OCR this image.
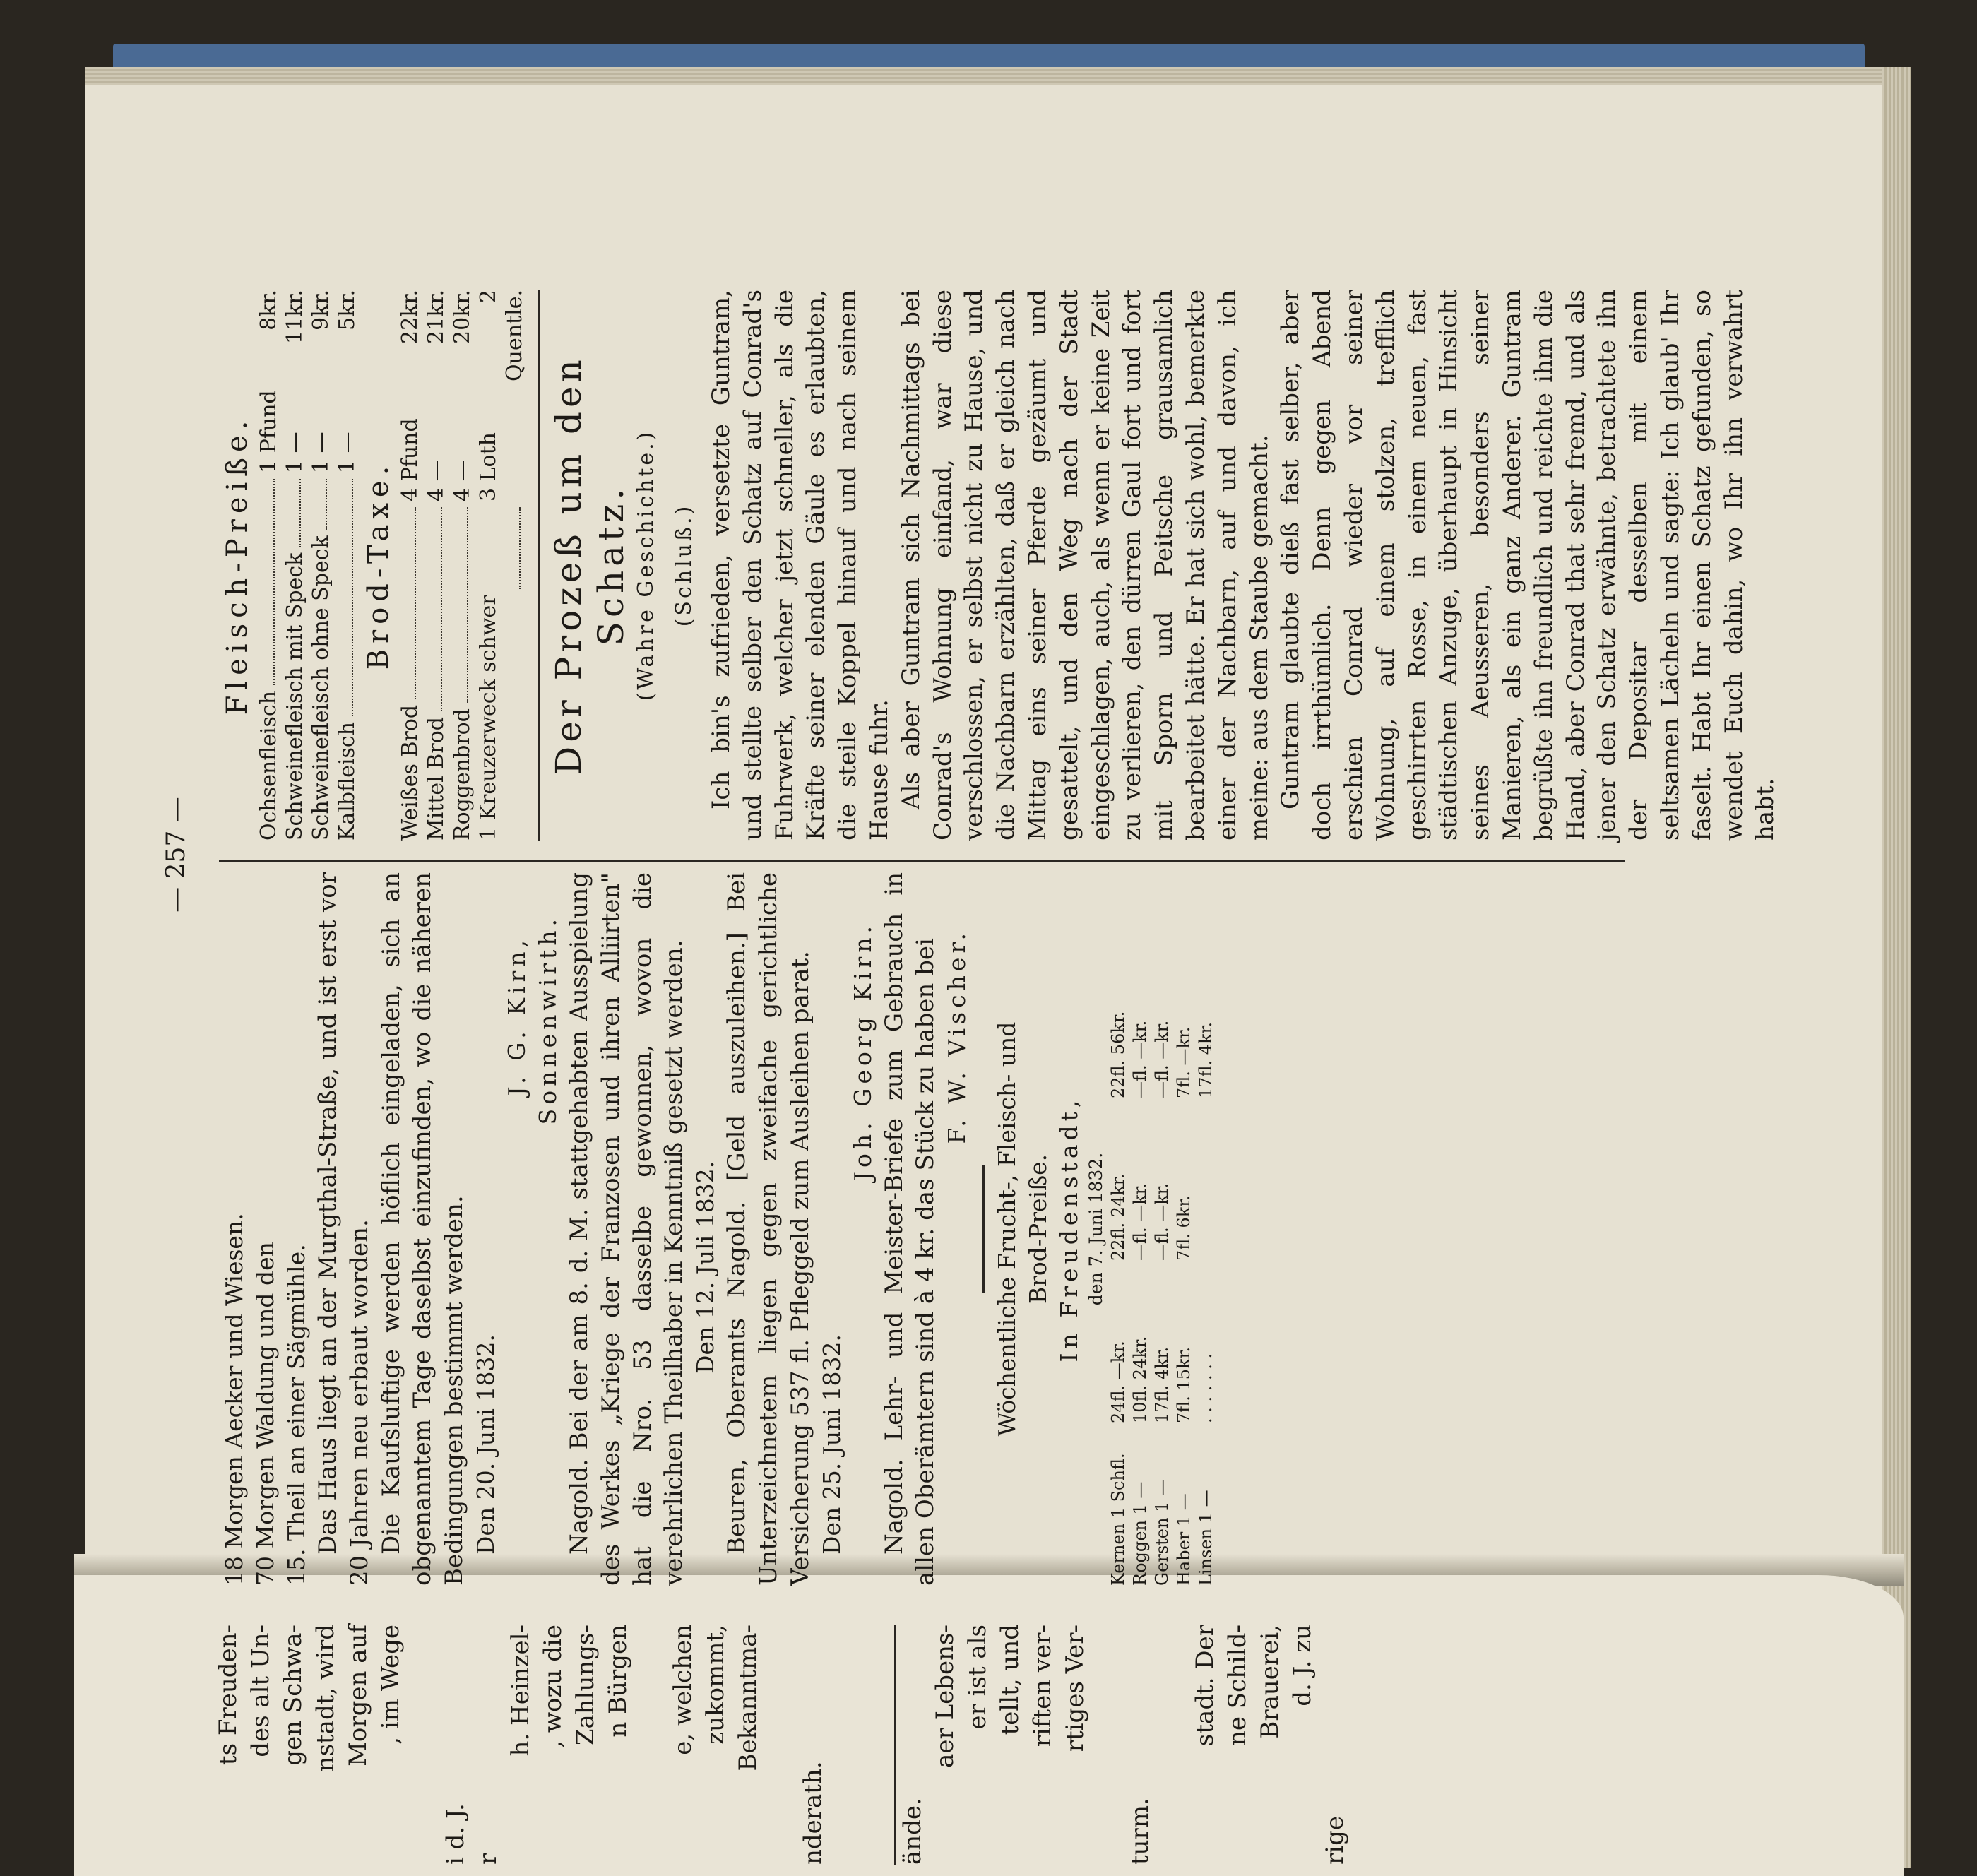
— 257 —
18 Morgen Aecker und Wiesen. 70 Morgen Waldung und den 15. Theil an einer Sägmühle. Das Haus liegt an der Murgthal-Straße, und ist erst vor 20 Jahren neu erbaut worden. Die Kaufsluftige werden höflich eingeladen, sich an obgenanntem Tage daselbst einzufinden, wo die näheren Bedingungen bestimmt werden. Den 20. Juni 1832.
J. G. Kirn, Sonnenwirth. Nagold. Bei der am 8. d. M. stattgehabten Ausspielung des Werkes „Kriege der Franzosen und ihren Alliirten" hat die Nro. 53 dasselbe gewonnen, wovon die verehrlichen Theilhaber in Kenntniß gesetzt werden. Den 12. Juli 1832. Beuren, Oberamts Nagold. [Geld auszuleihen.] Bei Unterzeichnetem liegen gegen zweifache gerichtliche Versicherung 537 fl. Pfleggeld zum Ausleihen parat. Den 25. Juni 1832.
Joh. Georg Kirn. Nagold. Lehr- und Meister-Briefe zum Gebrauch in allen Oberämtern sind à 4 kr. das Stück zu haben bei F. W. Vischer. Wöchentliche Frucht-, Fleisch- und Brod-Preiße. In Freudenstadt, den 7. Juni 1832.
Kernen 1 Schfl.
24fl. —kr.
22fl. 24kr.
22fl. 56kr.
Roggen 1 —
10fl. 24kr.
—fl. —kr.
—fl. —kr.
Gersten 1 —
17fl. 4kr.
—fl. —kr.
—fl. —kr.
Haber 1 —
7fl. 15kr.
7fl. 6kr.
7fl. —kr.
Linsen 1 —
. . . . . . .
17fl. 4kr.
Fleisch-Preiße.
Ochsenfleisch
1 Pfund
8kr.
Schweinefleisch mit Speck
1 —
11kr.
Schweinefleisch ohne Speck
1 —
9kr.
Kalbfleisch
1 —
5kr.
Brod-Taxe.
Weißes Brod
4 Pfund
22kr.
Mittel Brod
4 —
21kr.
Roggenbrod
4 —
20kr.
1 Kreuzerweck schwer
3 Loth
2 Quentle.
Der Prozeß um den Schatz. (Wahre Geschichte.) (Schluß.) Ich bin's zufrieden, versetzte Guntram, und stellte selber den Schatz auf Conrad's Fuhrwerk, welcher jetzt schneller, als die Kräfte seiner elenden Gäule es erlaubten, die steile Koppel hinauf und nach seinem Hause fuhr. Als aber Guntram sich Nachmittags bei Conrad's Wohnung einfand, war diese verschlossen, er selbst nicht zu Hause, und die Nachbarn erzählten, daß er gleich nach Mittag eins seiner Pferde gezäumt und gesattelt, und den Weg nach der Stadt eingeschlagen, auch, als wenn er keine Zeit zu verlieren, den dürren Gaul fort und fort mit Sporn und Peitsche grausamlich bearbeitet hätte. Er hat sich wohl, bemerkte einer der Nachbarn, auf und davon, ich meine: aus dem Staube gemacht. Guntram glaubte dieß fast selber, aber doch irrthümlich. Denn gegen Abend erschien Conrad wieder vor seiner Wohnung, auf einem stolzen, trefflich geschirrten Rosse, in einem neuen, fast städtischen Anzuge, überhaupt in Hinsicht seines Aeusseren, besonders seiner Manieren, als ein ganz Anderer. Guntram begrüßte ihn freundlich und reichte ihm die Hand, aber Conrad that sehr fremd, und als jener den Schatz erwähnte, betrachtete ihn der Depositar desselben mit einem seltsamen Lächeln und sagte: Ich glaub' Ihr faselt. Habt Ihr einen Schatz gefunden, so wendet Euch dahin, wo Ihr ihn verwahrt habt.

ts Freuden- des alt Un- gen Schwa- nstadt, wird Morgen auf , im Wege

i d. J. r
h. Heinzel- , wozu die Zahlungs- n Bürgen
e, welchen zukommt, Bekanntma-

nderath.

	ände.
aer Lebens- er ist als tellt, und riften ver- rtiges Ver-

turm.

stadt. Der ne Schild- Brauerei, d. J. zu
rige
